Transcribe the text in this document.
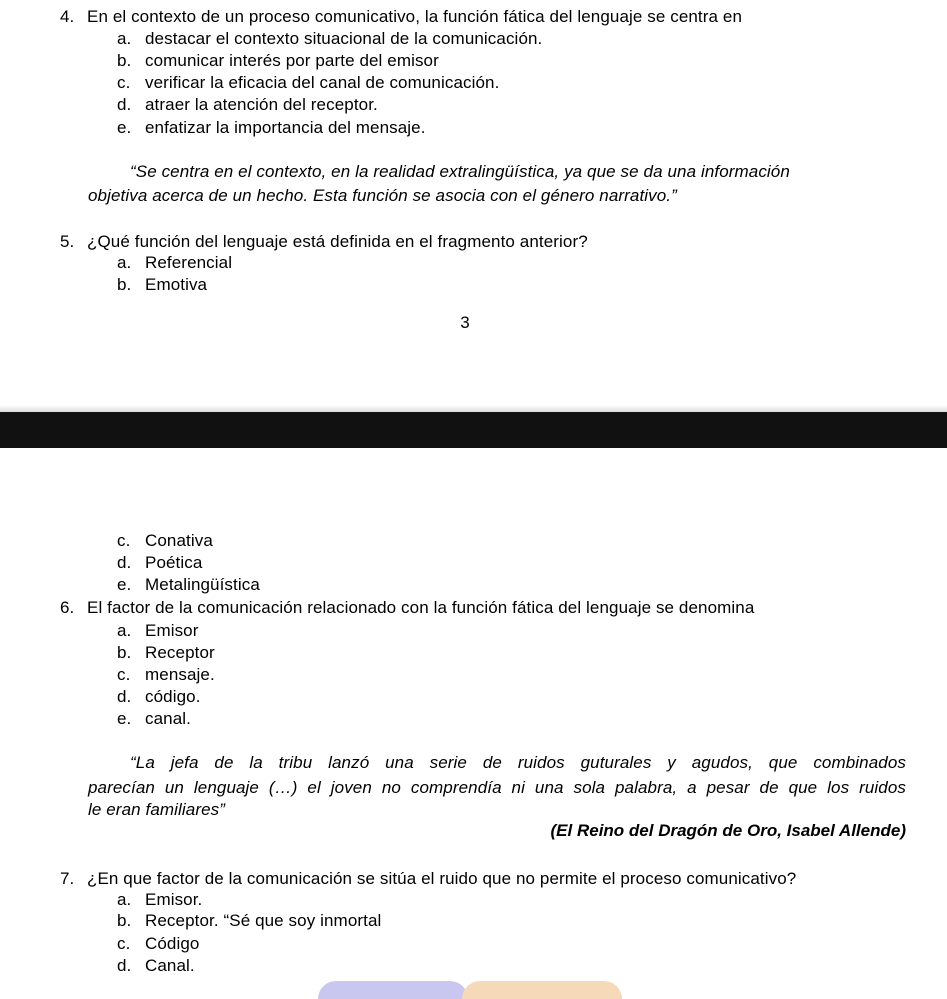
4. En el contexto de un proceso comunicativo, la función fática del lenguaje se centra en
a. destacar el contexto situacional de la comunicación.
b. comunicar interés por parte del emisor
c. verificar la eficacia del canal de comunicación.
d. atraer la atención del receptor.
e. enfatizar la importancia del mensaje.
“Se centra en el contexto, en la realidad extralingüística, ya que se da una información
objetiva acerca de un hecho. Esta función se asocia con el género narrativo.”
5. ¿Qué función del lenguaje está definida en el fragmento anterior?
a. Referencial
b. Emotiva
3
c. Conativa
d. Poética
e. Metalingüística
6. El factor de la comunicación relacionado con la función fática del lenguaje se denomina
a. Emisor
b. Receptor
c. mensaje.
d. código.
e. canal.
“La jefa de la tribu lanzó una serie de ruidos guturales y agudos, que combinados
parecían un lenguaje (…) el joven no comprendía ni una sola palabra, a pesar de que los ruidos
le eran familiares”
(El Reino del Dragón de Oro, Isabel Allende)
7. ¿En que factor de la comunicación se sitúa el ruido que no permite el proceso comunicativo?
a. Emisor.
b. Receptor. “Sé que soy inmortal
c. Código
d. Canal.
